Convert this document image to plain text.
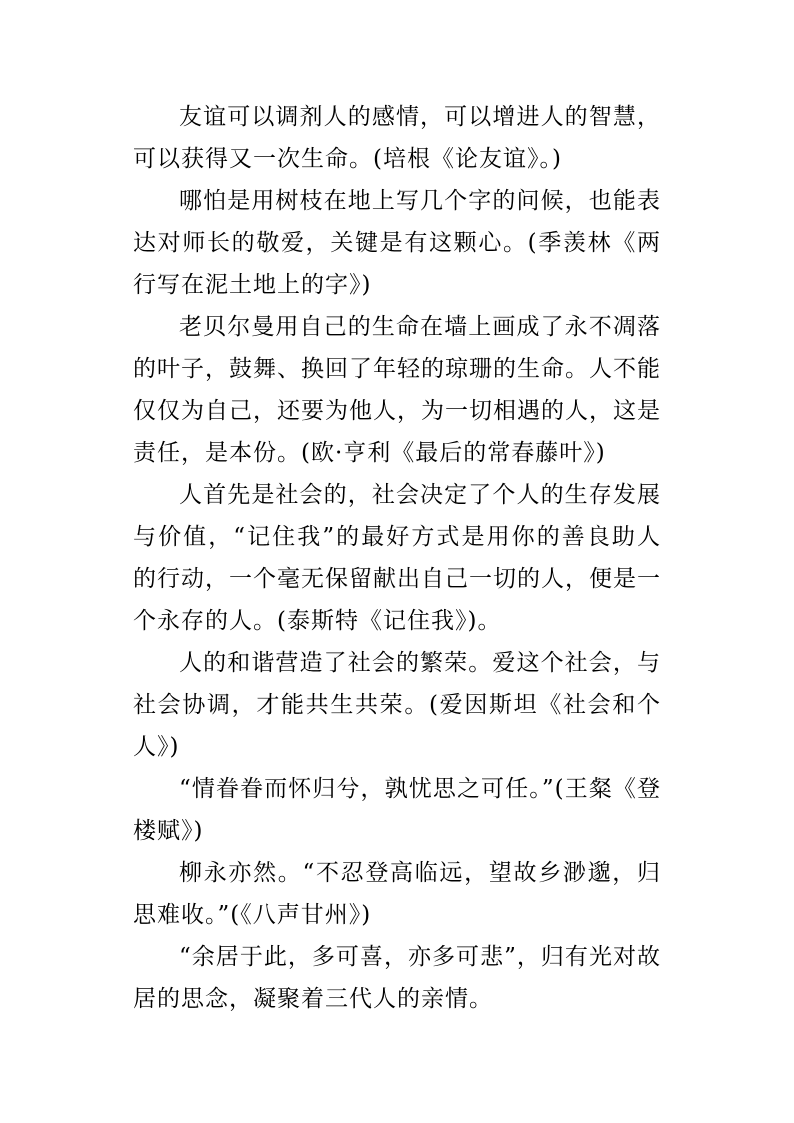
友谊可以调剂人的感情，可以增进人的智慧，可以获得又一次生命。(培根《论友谊》。)

哪怕是用树枝在地上写几个字的问候，也能表达对师长的敬爱，关键是有这颗心。(季羡林《两行写在泥土地上的字》)

老贝尔曼用自己的生命在墙上画成了永不凋落的叶子，鼓舞、换回了年轻的琼珊的生命。人不能仅仅为自己，还要为他人，为一切相遇的人，这是责任，是本份。(欧·亨利《最后的常春藤叶》)

人首先是社会的，社会决定了个人的生存发展与价值，“记住我”的最好方式是用你的善良助人的行动，一个毫无保留献出自己一切的人，便是一个永存的人。(泰斯特《记住我》)。

人的和谐营造了社会的繁荣。爱这个社会，与社会协调，才能共生共荣。(爱因斯坦《社会和个人》)

“情眷眷而怀归兮，孰忧思之可任。”(王粲《登楼赋》)

柳永亦然。“不忍登高临远，望故乡渺邈，归思难收。”(《八声甘州》)

“余居于此，多可喜，亦多可悲”，归有光对故居的思念，凝聚着三代人的亲情。
